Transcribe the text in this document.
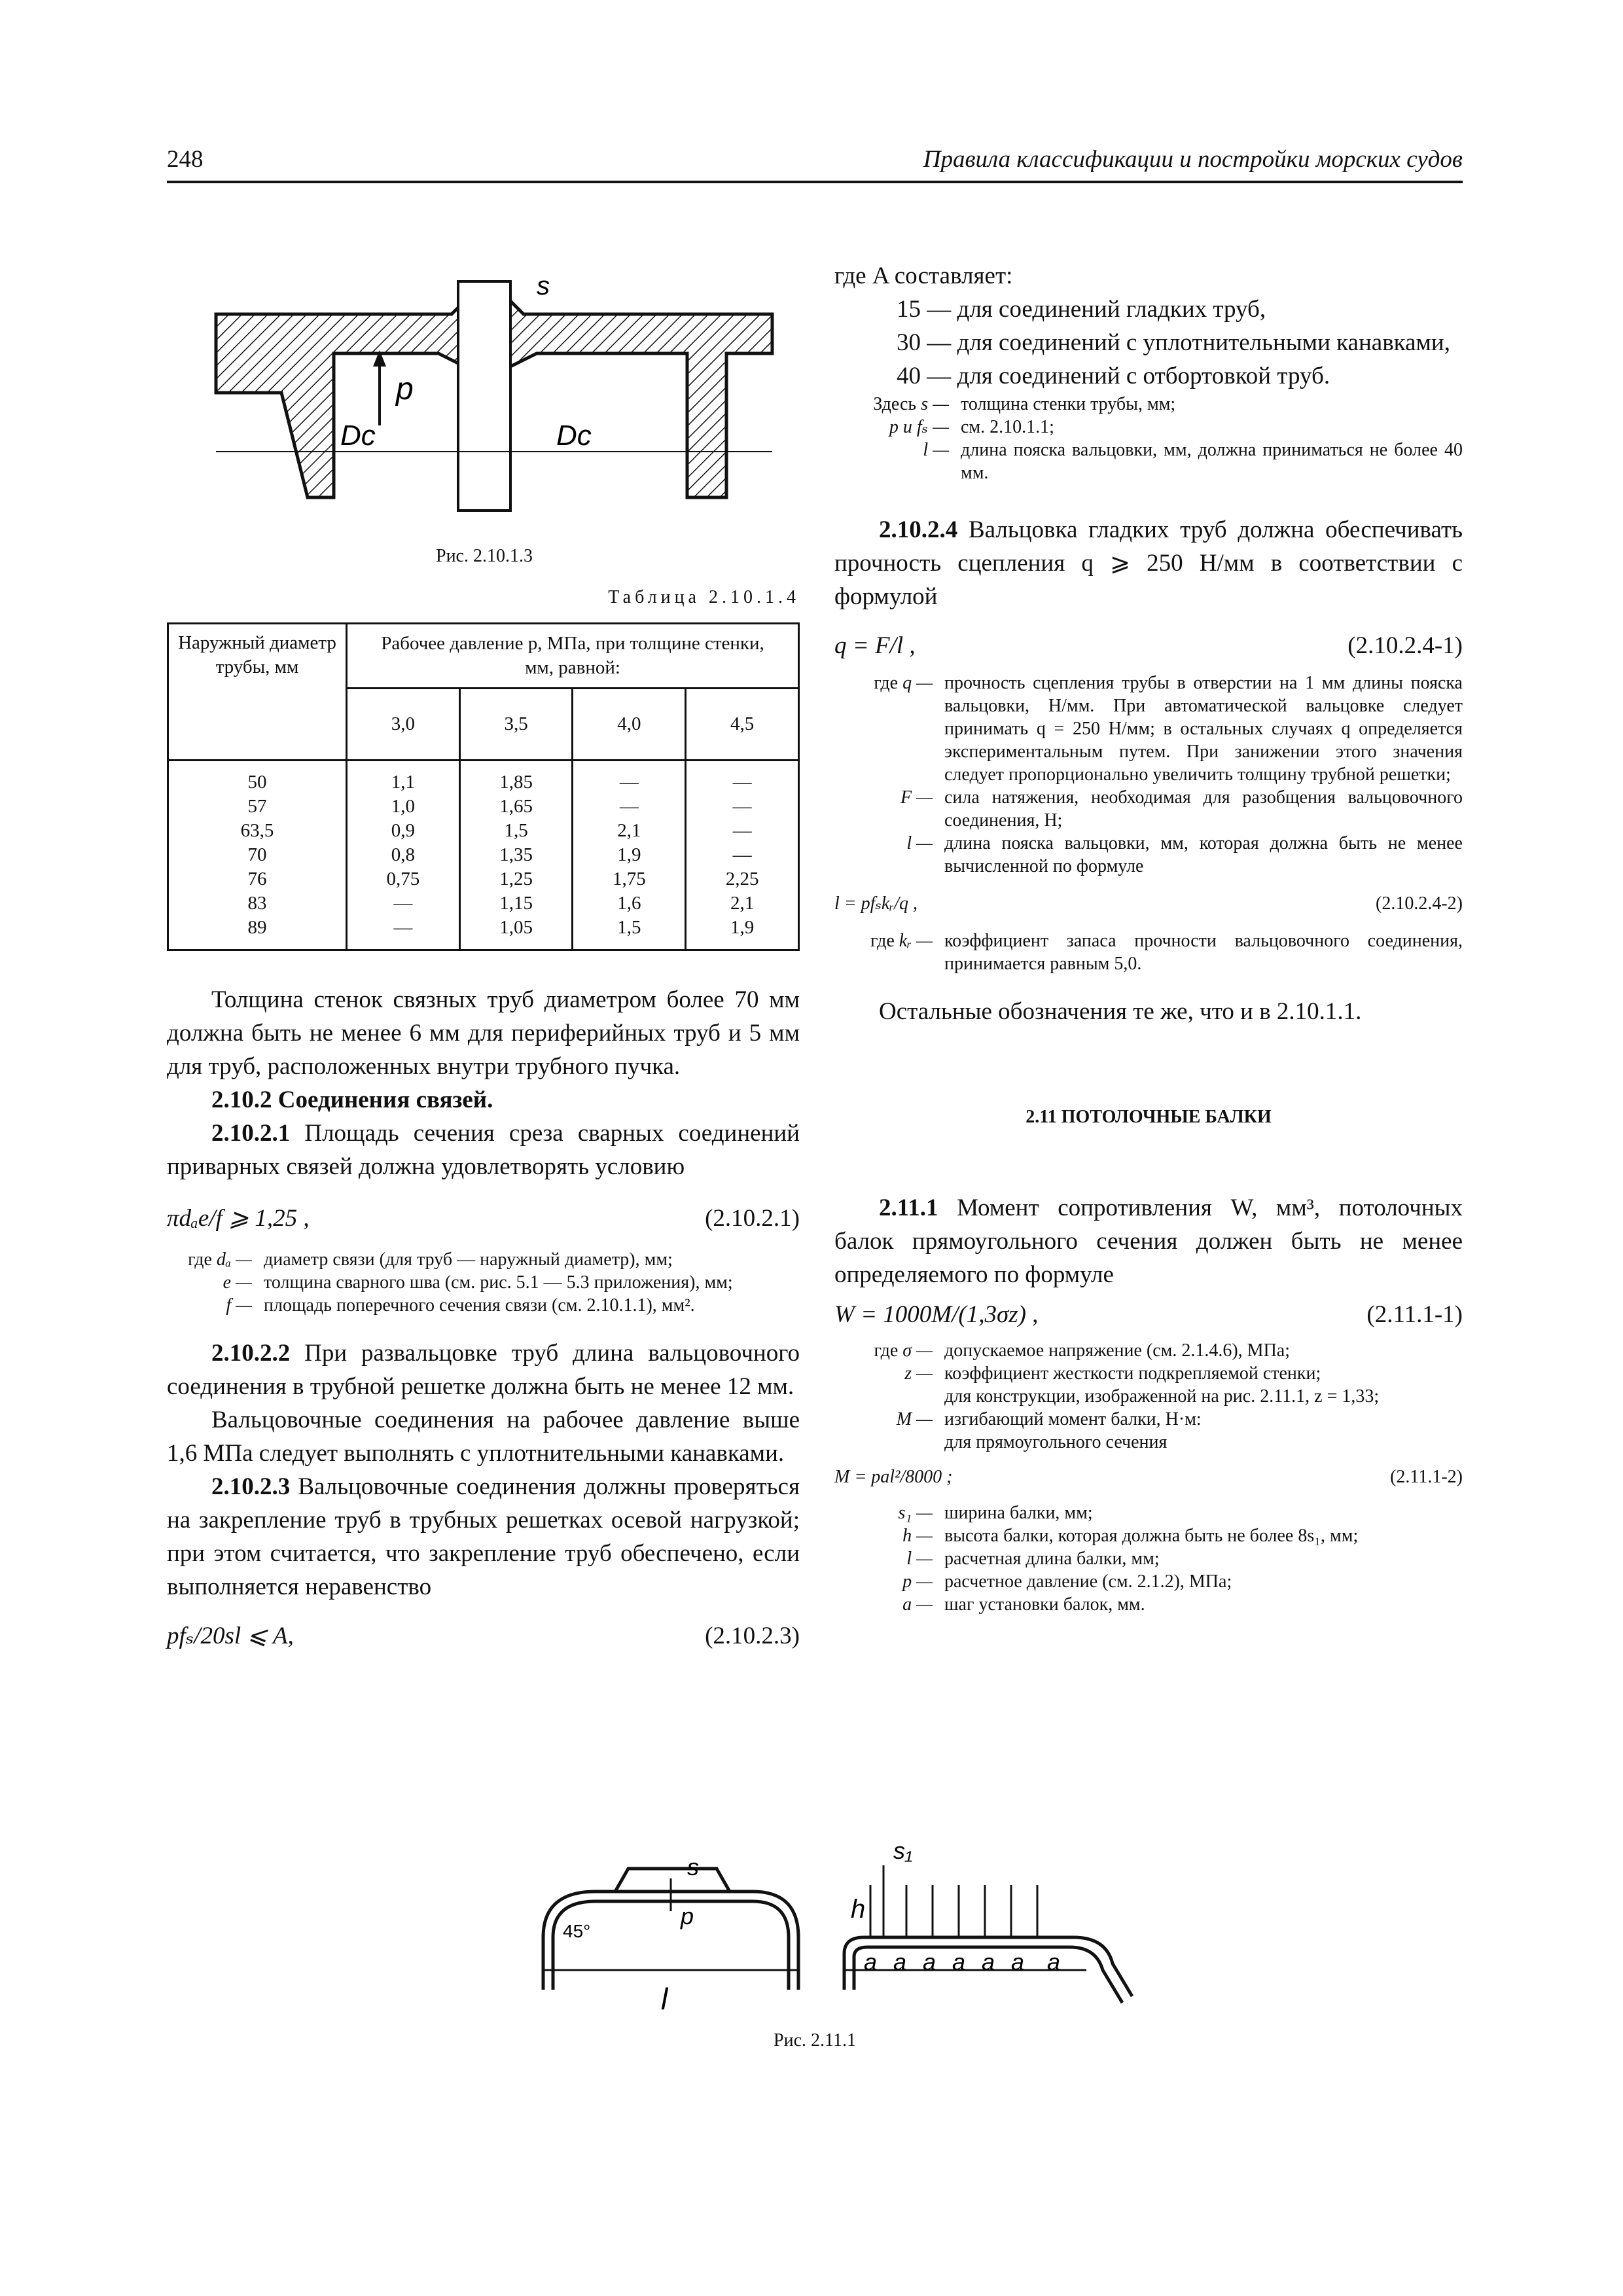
248	Правила классификации и постройки морских судов
p
Dc	Dc
s
Рис. 2.10.1.3
Таблица 2.10.1.4
Наружный диаметр трубы, мм	Рабочее давление p, МПа, при толщине стенки, мм, равной:			
	3,0	3,5	4,0	4,5
50	1,1	1,85	—	—
57	1,0	1,65	—	—
63,5	0,9	1,5	2,1	—
70	0,8	1,35	1,9	—
76	0,75	1,25	1,75	2,25
83	—	1,15	1,6	2,1
89	—	1,05	1,5	1,9

Толщина стенок связных труб диаметром более 70 мм должна быть не менее 6 мм для периферийных труб и 5 мм для труб, расположенных внутри трубного пучка.

2.10.2 Соединения связей.

2.10.2.1 Площадь сечения среза сварных соединений приварных связей должна удовлетворять условию

πdₐe/f ⩾ 1,25 ,	(2.10.2.1)
где dₐ — диаметр связи (для труб — наружный диаметр), мм;
e — толщина сварного шва (см. рис. 5.1 — 5.3 приложения), мм;
f — площадь поперечного сечения связи (см. 2.10.1.1), мм².

2.10.2.2 При развальцовке труб длина вальцовочного соединения в трубной решетке должна быть не менее 12 мм.

Вальцовочные соединения на рабочее давление выше 1,6 МПа следует выполнять с уплотнительными канавками.

2.10.2.3 Вальцовочные соединения должны проверяться на закрепление труб в трубных решетках осевой нагрузкой; при этом считается, что закрепление труб обеспечено, если выполняется неравенство

pfₛ/20sl ⩽ A,	(2.10.2.3)
где A составляет:
15 — для соединений гладких труб,
30 — для соединений с уплотнительными канавками,
40 — для соединений с отбортовкой труб.
Здесь s — толщина стенки трубы, мм;
p и fₛ — см. 2.10.1.1;
l — длина пояска вальцовки, мм, должна приниматься не более 40 мм.

2.10.2.4 Вальцовка гладких труб должна обеспечивать прочность сцепления q ⩾ 250 Н/мм в соответствии с формулой

q = F/l ,	(2.10.2.4-1)
где q — прочность сцепления трубы в отверстии на 1 мм длины пояска вальцовки, Н/мм. При автоматической вальцовке следует принимать q = 250 Н/мм; в остальных случаях q определяется экспериментальным путем. При занижении этого значения следует пропорционально увеличить толщину трубной решетки;
F — сила натяжения, необходимая для разобщения вальцовочного соединения, Н;
l — длина пояска вальцовки, мм, которая должна быть не менее вычисленной по формуле
l = pfₛkᵣ/q ,	(2.10.2.4-2)
где kᵣ — коэффициент запаса прочности вальцовочного соединения, принимается равным 5,0.

Остальные обозначения те же, что и в 2.10.1.1.

2.11 ПОТОЛОЧНЫЕ БАЛКИ

2.11.1 Момент сопротивления W, мм³, потолочных балок прямоугольного сечения должен быть не менее определяемого по формуле

W = 1000M/(1,3σz) ,	(2.11.1-1)
где σ — допускаемое напряжение (см. 2.1.4.6), МПа;
z — коэффициент жесткости подкрепляемой стенки;
для конструкции, изображенной на рис. 2.11.1, z = 1,33;
M — изгибающий момент балки, Н·м:
для прямоугольного сечения
M = pal²/8000 ;	(2.11.1-2)
s₁ — ширина балки, мм;
h — высота балки, которая должна быть не более 8s₁, мм;
l — расчетная длина балки, мм;
p — расчетное давление (см. 2.1.2), МПа;
a — шаг установки балок, мм.
l
p
s
45°
s₁
h
a a a a a a a
Рис. 2.11.1
